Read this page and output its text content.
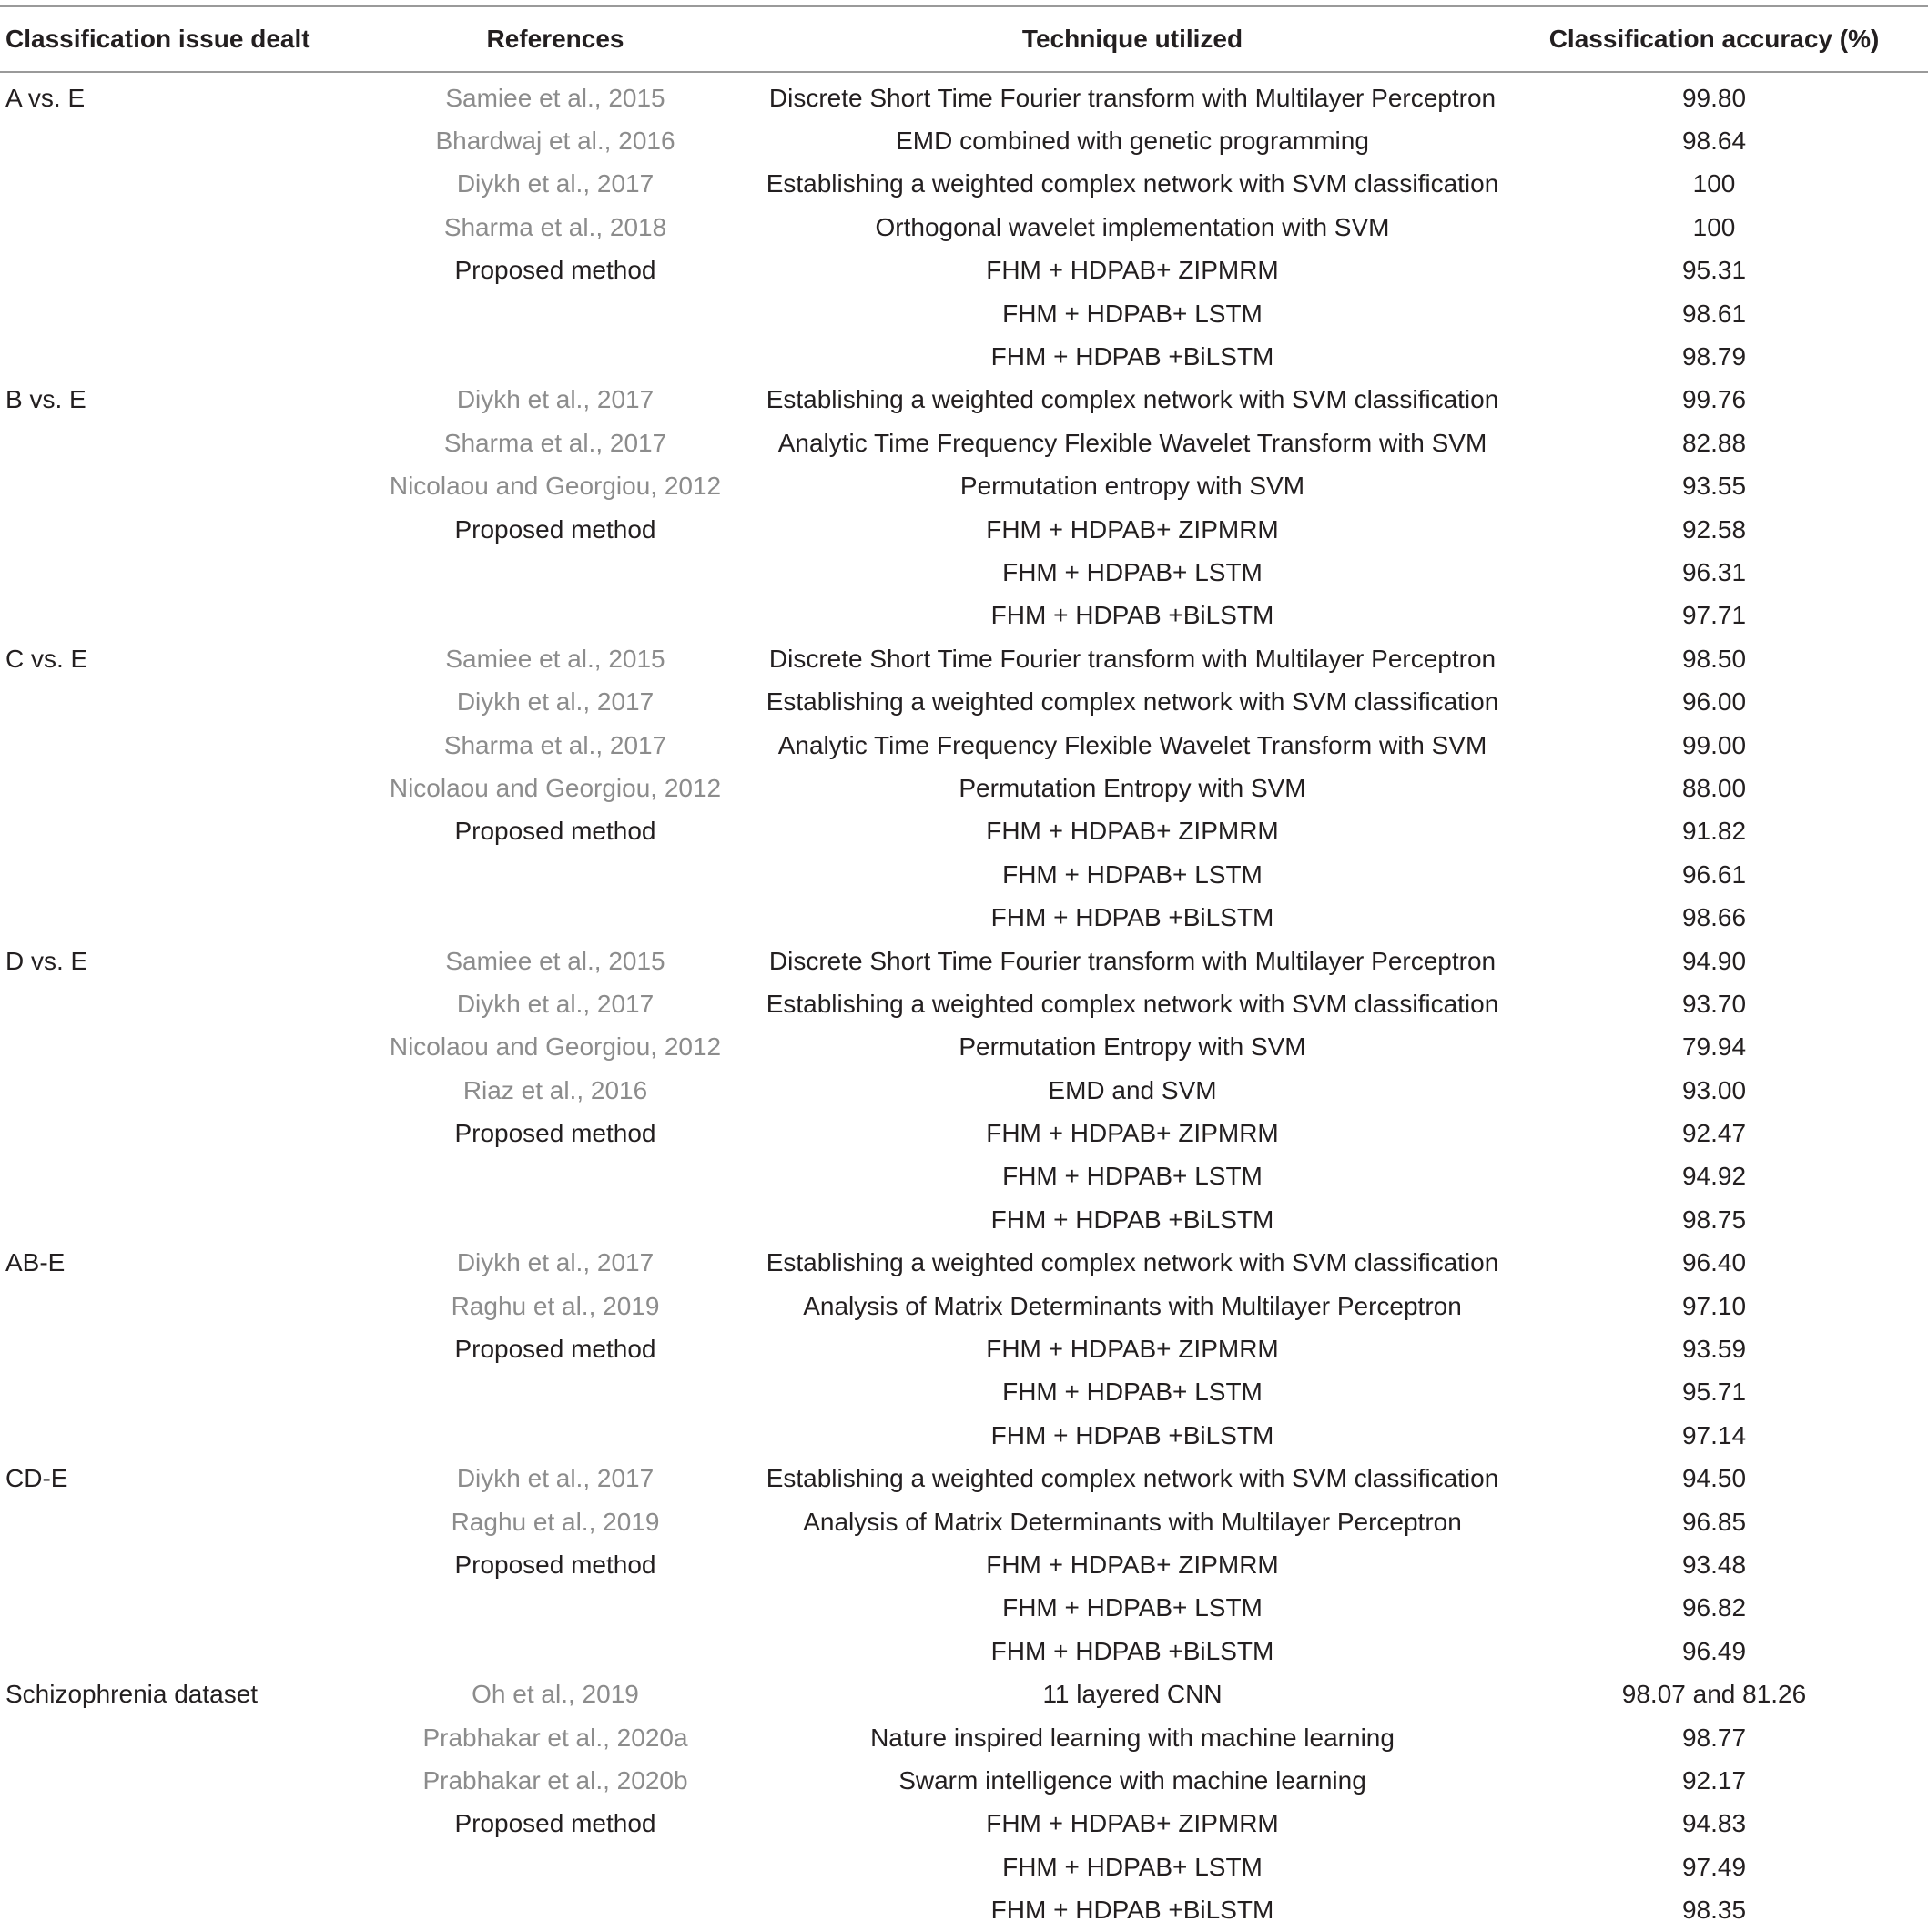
Classification issue dealt	References	Technique utilized	Classification accuracy (%)
A vs. E	Samiee et al., 2015	Discrete Short Time Fourier transform with Multilayer Perceptron	99.80
	Bhardwaj et al., 2016	EMD combined with genetic programming	98.64
	Diykh et al., 2017	Establishing a weighted complex network with SVM classification	100
	Sharma et al., 2018	Orthogonal wavelet implementation with SVM	100
	Proposed method	FHM + HDPAB+ ZIPMRM	95.31
		FHM + HDPAB+ LSTM	98.61
		FHM + HDPAB +BiLSTM	98.79
B vs. E	Diykh et al., 2017	Establishing a weighted complex network with SVM classification	99.76
	Sharma et al., 2017	Analytic Time Frequency Flexible Wavelet Transform with SVM	82.88
	Nicolaou and Georgiou, 2012	Permutation entropy with SVM	93.55
	Proposed method	FHM + HDPAB+ ZIPMRM	92.58
		FHM + HDPAB+ LSTM	96.31
		FHM + HDPAB +BiLSTM	97.71
C vs. E	Samiee et al., 2015	Discrete Short Time Fourier transform with Multilayer Perceptron	98.50
	Diykh et al., 2017	Establishing a weighted complex network with SVM classification	96.00
	Sharma et al., 2017	Analytic Time Frequency Flexible Wavelet Transform with SVM	99.00
	Nicolaou and Georgiou, 2012	Permutation Entropy with SVM	88.00
	Proposed method	FHM + HDPAB+ ZIPMRM	91.82
		FHM + HDPAB+ LSTM	96.61
		FHM + HDPAB +BiLSTM	98.66
D vs. E	Samiee et al., 2015	Discrete Short Time Fourier transform with Multilayer Perceptron	94.90
	Diykh et al., 2017	Establishing a weighted complex network with SVM classification	93.70
	Nicolaou and Georgiou, 2012	Permutation Entropy with SVM	79.94
	Riaz et al., 2016	EMD and SVM	93.00
	Proposed method	FHM + HDPAB+ ZIPMRM	92.47
		FHM + HDPAB+ LSTM	94.92
		FHM + HDPAB +BiLSTM	98.75
AB-E	Diykh et al., 2017	Establishing a weighted complex network with SVM classification	96.40
	Raghu et al., 2019	Analysis of Matrix Determinants with Multilayer Perceptron	97.10
	Proposed method	FHM + HDPAB+ ZIPMRM	93.59
		FHM + HDPAB+ LSTM	95.71
		FHM + HDPAB +BiLSTM	97.14
CD-E	Diykh et al., 2017	Establishing a weighted complex network with SVM classification	94.50
	Raghu et al., 2019	Analysis of Matrix Determinants with Multilayer Perceptron	96.85
	Proposed method	FHM + HDPAB+ ZIPMRM	93.48
		FHM + HDPAB+ LSTM	96.82
		FHM + HDPAB +BiLSTM	96.49
Schizophrenia dataset	Oh et al., 2019	11 layered CNN	98.07 and 81.26
	Prabhakar et al., 2020a	Nature inspired learning with machine learning	98.77
	Prabhakar et al., 2020b	Swarm intelligence with machine learning	92.17
	Proposed method	FHM + HDPAB+ ZIPMRM	94.83
		FHM + HDPAB+ LSTM	97.49
		FHM + HDPAB +BiLSTM	98.35
